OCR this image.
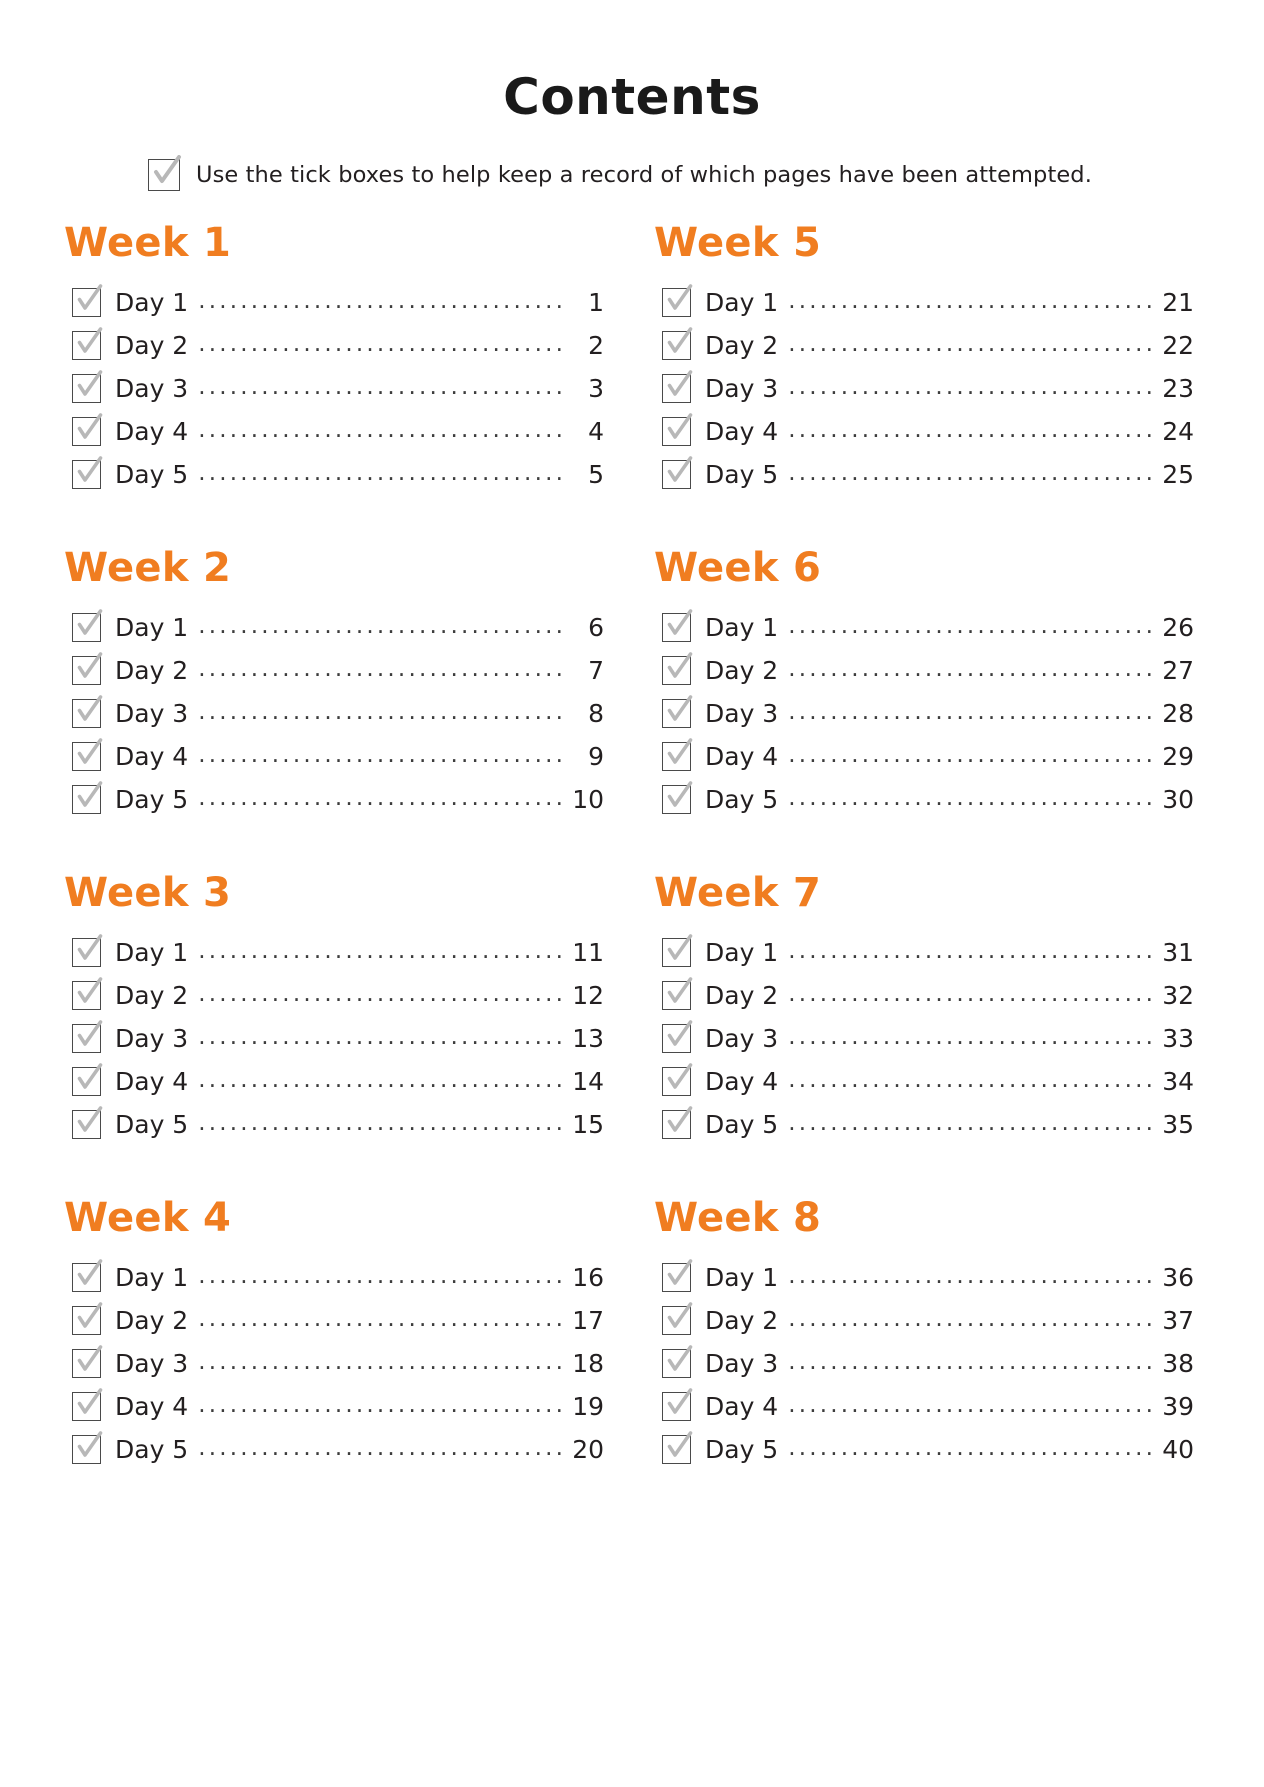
Contents
Use the tick boxes to help keep a record of which pages have been attempted.
Week 1
Day 1 .....	1
Day 2 .....	2
Day 3 .....	3
Day 4 .....	4
Day 5 .....	5
Week 2
Day 1 .....	6
Day 2 .....	7
Day 3 .....	8
Day 4 .....	9
Day 5 .....	10
Week 3
Day 1 .....	11
Day 2 .....	12
Day 3 .....	13
Day 4 .....	14
Day 5 .....	15
Week 4
Day 1 .....	16
Day 2 .....	17
Day 3 .....	18
Day 4 .....	19
Day 5 .....	20
Week 5
Day 1 .....	21
Day 2 .....	22
Day 3 .....	23
Day 4 .....	24
Day 5 .....	25
Week 6
Day 1 .....	26
Day 2 .....	27
Day 3 .....	28
Day 4 .....	29
Day 5 .....	30
Week 7
Day 1 .....	31
Day 2 .....	32
Day 3 .....	33
Day 4 .....	34
Day 5 .....	35
Week 8
Day 1 .....	36
Day 2 .....	37
Day 3 .....	38
Day 4 .....	39
Day 5 .....	40
